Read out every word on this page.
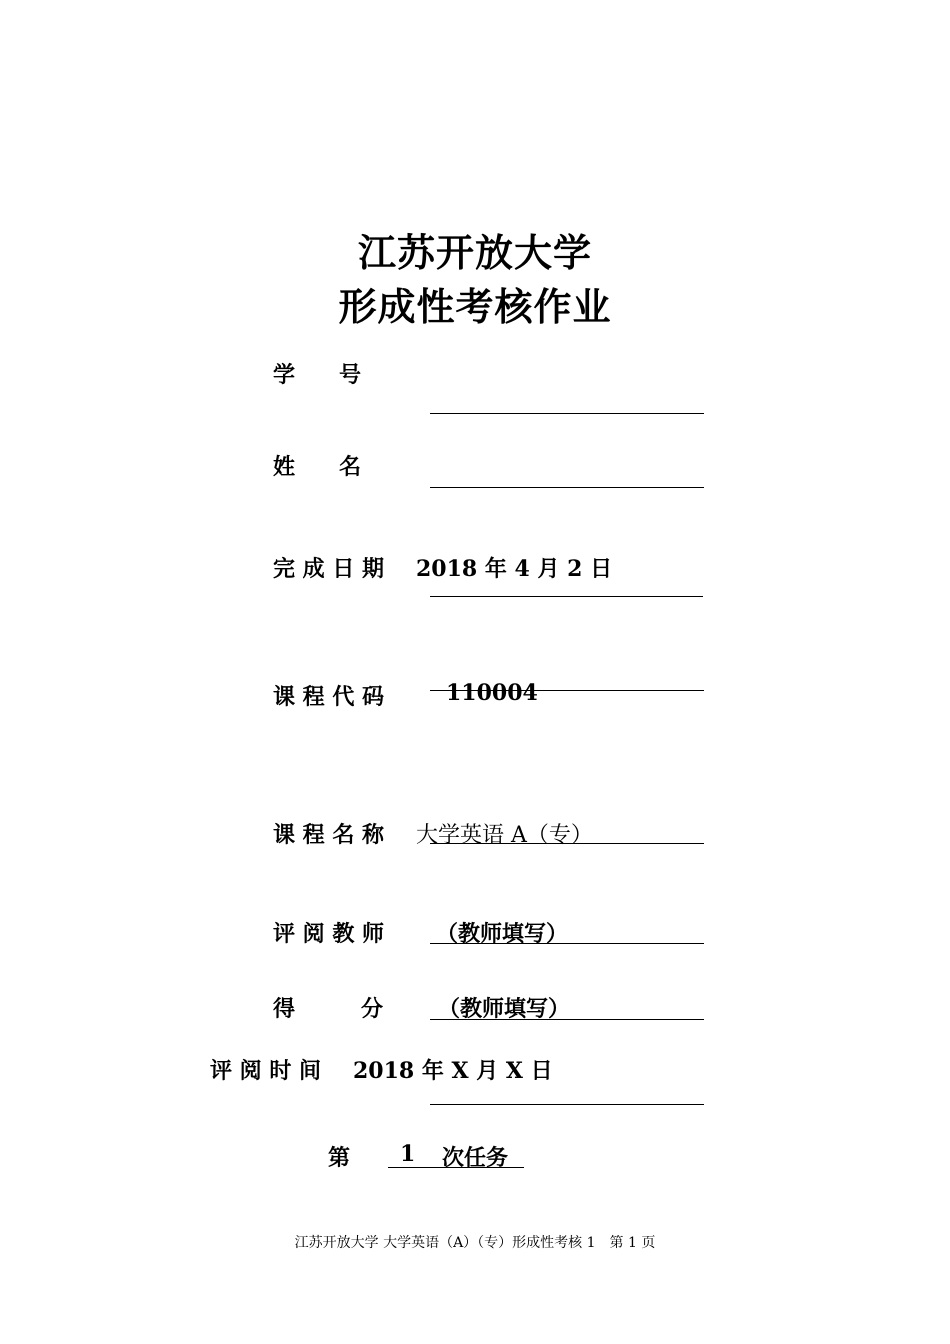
江苏开放大学
形成性考核作业
学　　号
姓　　名
完 成 日 期 2018 年 4 月 2 日
课 程 代 码	110004
课 程 名 称 大学英语 A（专）
评 阅 教 师 （教师填写）
得　　　分 （教师填写）
评 阅 时 间 2018 年 X 月 X 日
第 1 次任务
江苏开放大学 大学英语（A）（专）形成性考核 1　第 1 页
